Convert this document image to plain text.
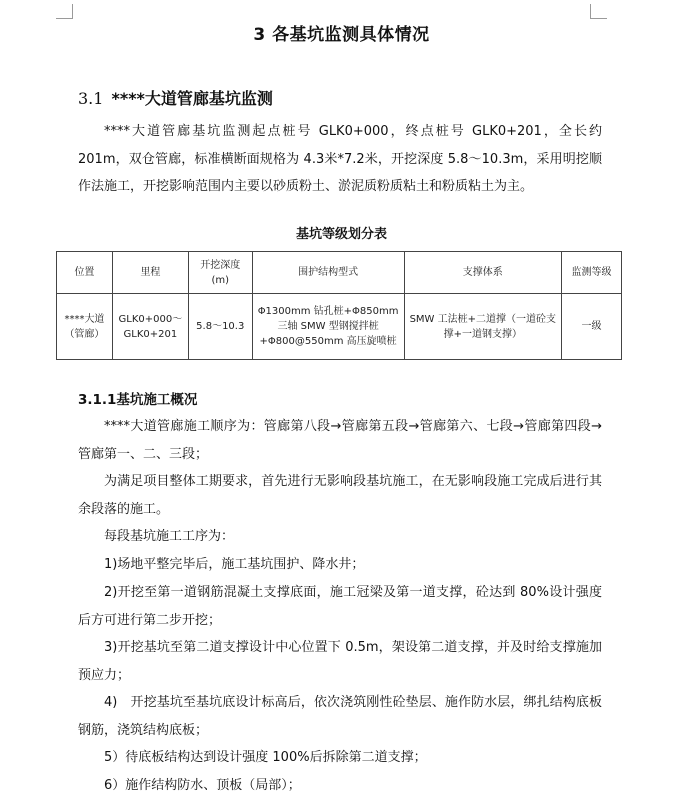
3 各基坑监测具体情况
3.1 ****大道管廊基坑监测

****大道管廊基坑监测起点桩号 GLK0+000，终点桩号 GLK0+201，全长约 201m，双仓管廊，标准横断面规格为 4.3米*7.2米，开挖深度 5.8～10.3m，采用明挖顺作法施工，开挖影响范围内主要以砂质粉土、淤泥质粉质粘土和粉质粘土为主。

基坑等级划分表
位置	里程	开挖深度(m)	围护结构型式	支撑体系	监测等级
****大道（管廊）	GLK0+000～GLK0+201	5.8～10.3	Φ1300mm 钻孔桩+Φ850mm 三轴 SMW 型钢搅拌桩+Φ800@550mm 高压旋喷桩	SMW 工法桩+二道撑（一道砼支撑+一道钢支撑）	一级
3.1.1基坑施工概况

****大道管廊施工顺序为：管廊第八段→管廊第五段→管廊第六、七段→管廊第四段→管廊第一、二、三段；

为满足项目整体工期要求，首先进行无影响段基坑施工，在无影响段施工完成后进行其余段落的施工。

每段基坑施工工序为：

1)场地平整完毕后，施工基坑围护、降水井；

2)开挖至第一道钢筋混凝土支撑底面，施工冠梁及第一道支撑，砼达到 80%设计强度后方可进行第二步开挖；

3)开挖基坑至第二道支撑设计中心位置下 0.5m，架设第二道支撑，并及时给支撑施加预应力；

4)　开挖基坑至基坑底设计标高后，依次浇筑刚性砼垫层、施作防水层，绑扎结构底板钢筋，浇筑结构底板；

5）待底板结构达到设计强度 100%后拆除第二道支撑；

6）施作结构防水、顶板（局部）；
